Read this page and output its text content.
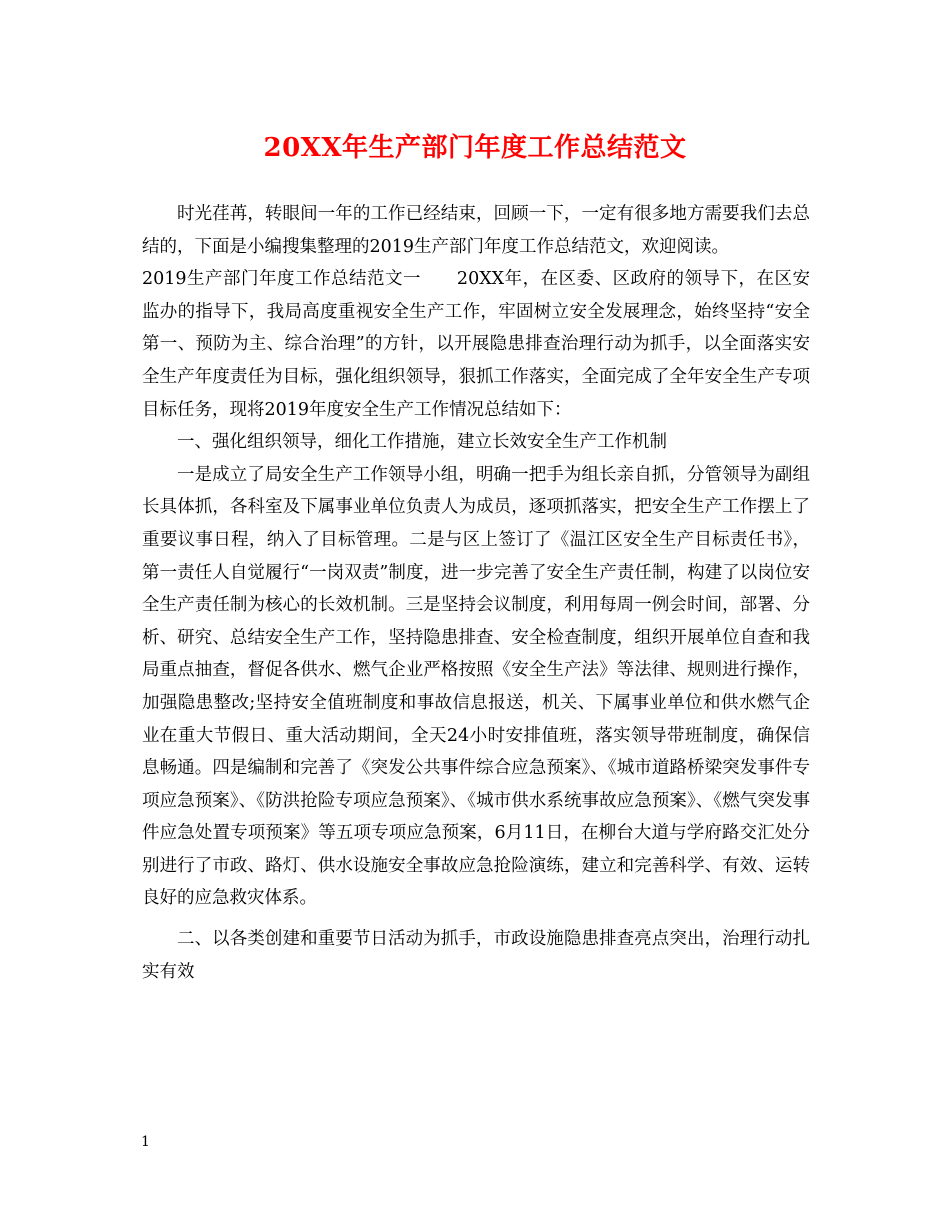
20XX年生产部门年度工作总结范文

时光荏苒，转眼间一年的工作已经结束，回顾一下，一定有很多地方需要我们去总结的，下面是小编搜集整理的2019生产部门年度工作总结范文，欢迎阅读。

2019生产部门年度工作总结范文一　　20XX年，在区委、区政府的领导下，在区安监办的指导下，我局高度重视安全生产工作，牢固树立安全发展理念，始终坚持“安全第一、预防为主、综合治理”的方针，以开展隐患排查治理行动为抓手，以全面落实安全生产年度责任为目标，强化组织领导，狠抓工作落实，全面完成了全年安全生产专项目标任务，现将2019年度安全生产工作情况总结如下：

一、强化组织领导，细化工作措施，建立长效安全生产工作机制

一是成立了局安全生产工作领导小组，明确一把手为组长亲自抓，分管领导为副组长具体抓，各科室及下属事业单位负责人为成员，逐项抓落实，把安全生产工作摆上了重要议事日程，纳入了目标管理。二是与区上签订了《温江区安全生产目标责任书》，第一责任人自觉履行“一岗双责”制度，进一步完善了安全生产责任制，构建了以岗位安全生产责任制为核心的长效机制。三是坚持会议制度，利用每周一例会时间，部署、分析、研究、总结安全生产工作，坚持隐患排查、安全检查制度，组织开展单位自查和我局重点抽查，督促各供水、燃气企业严格按照《安全生产法》等法律、规则进行操作，加强隐患整改;坚持安全值班制度和事故信息报送，机关、下属事业单位和供水燃气企业在重大节假日、重大活动期间，全天24小时安排值班，落实领导带班制度，确保信息畅通。四是编制和完善了《突发公共事件综合应急预案》、《城市道路桥梁突发事件专项应急预案》、《防洪抢险专项应急预案》、《城市供水系统事故应急预案》、《燃气突发事件应急处置专项预案》等五项专项应急预案，6月11日，在柳台大道与学府路交汇处分别进行了市政、路灯、供水设施安全事故应急抢险演练，建立和完善科学、有效、运转良好的应急救灾体系。

二、以各类创建和重要节日活动为抓手，市政设施隐患排查亮点突出，治理行动扎实有效

1
